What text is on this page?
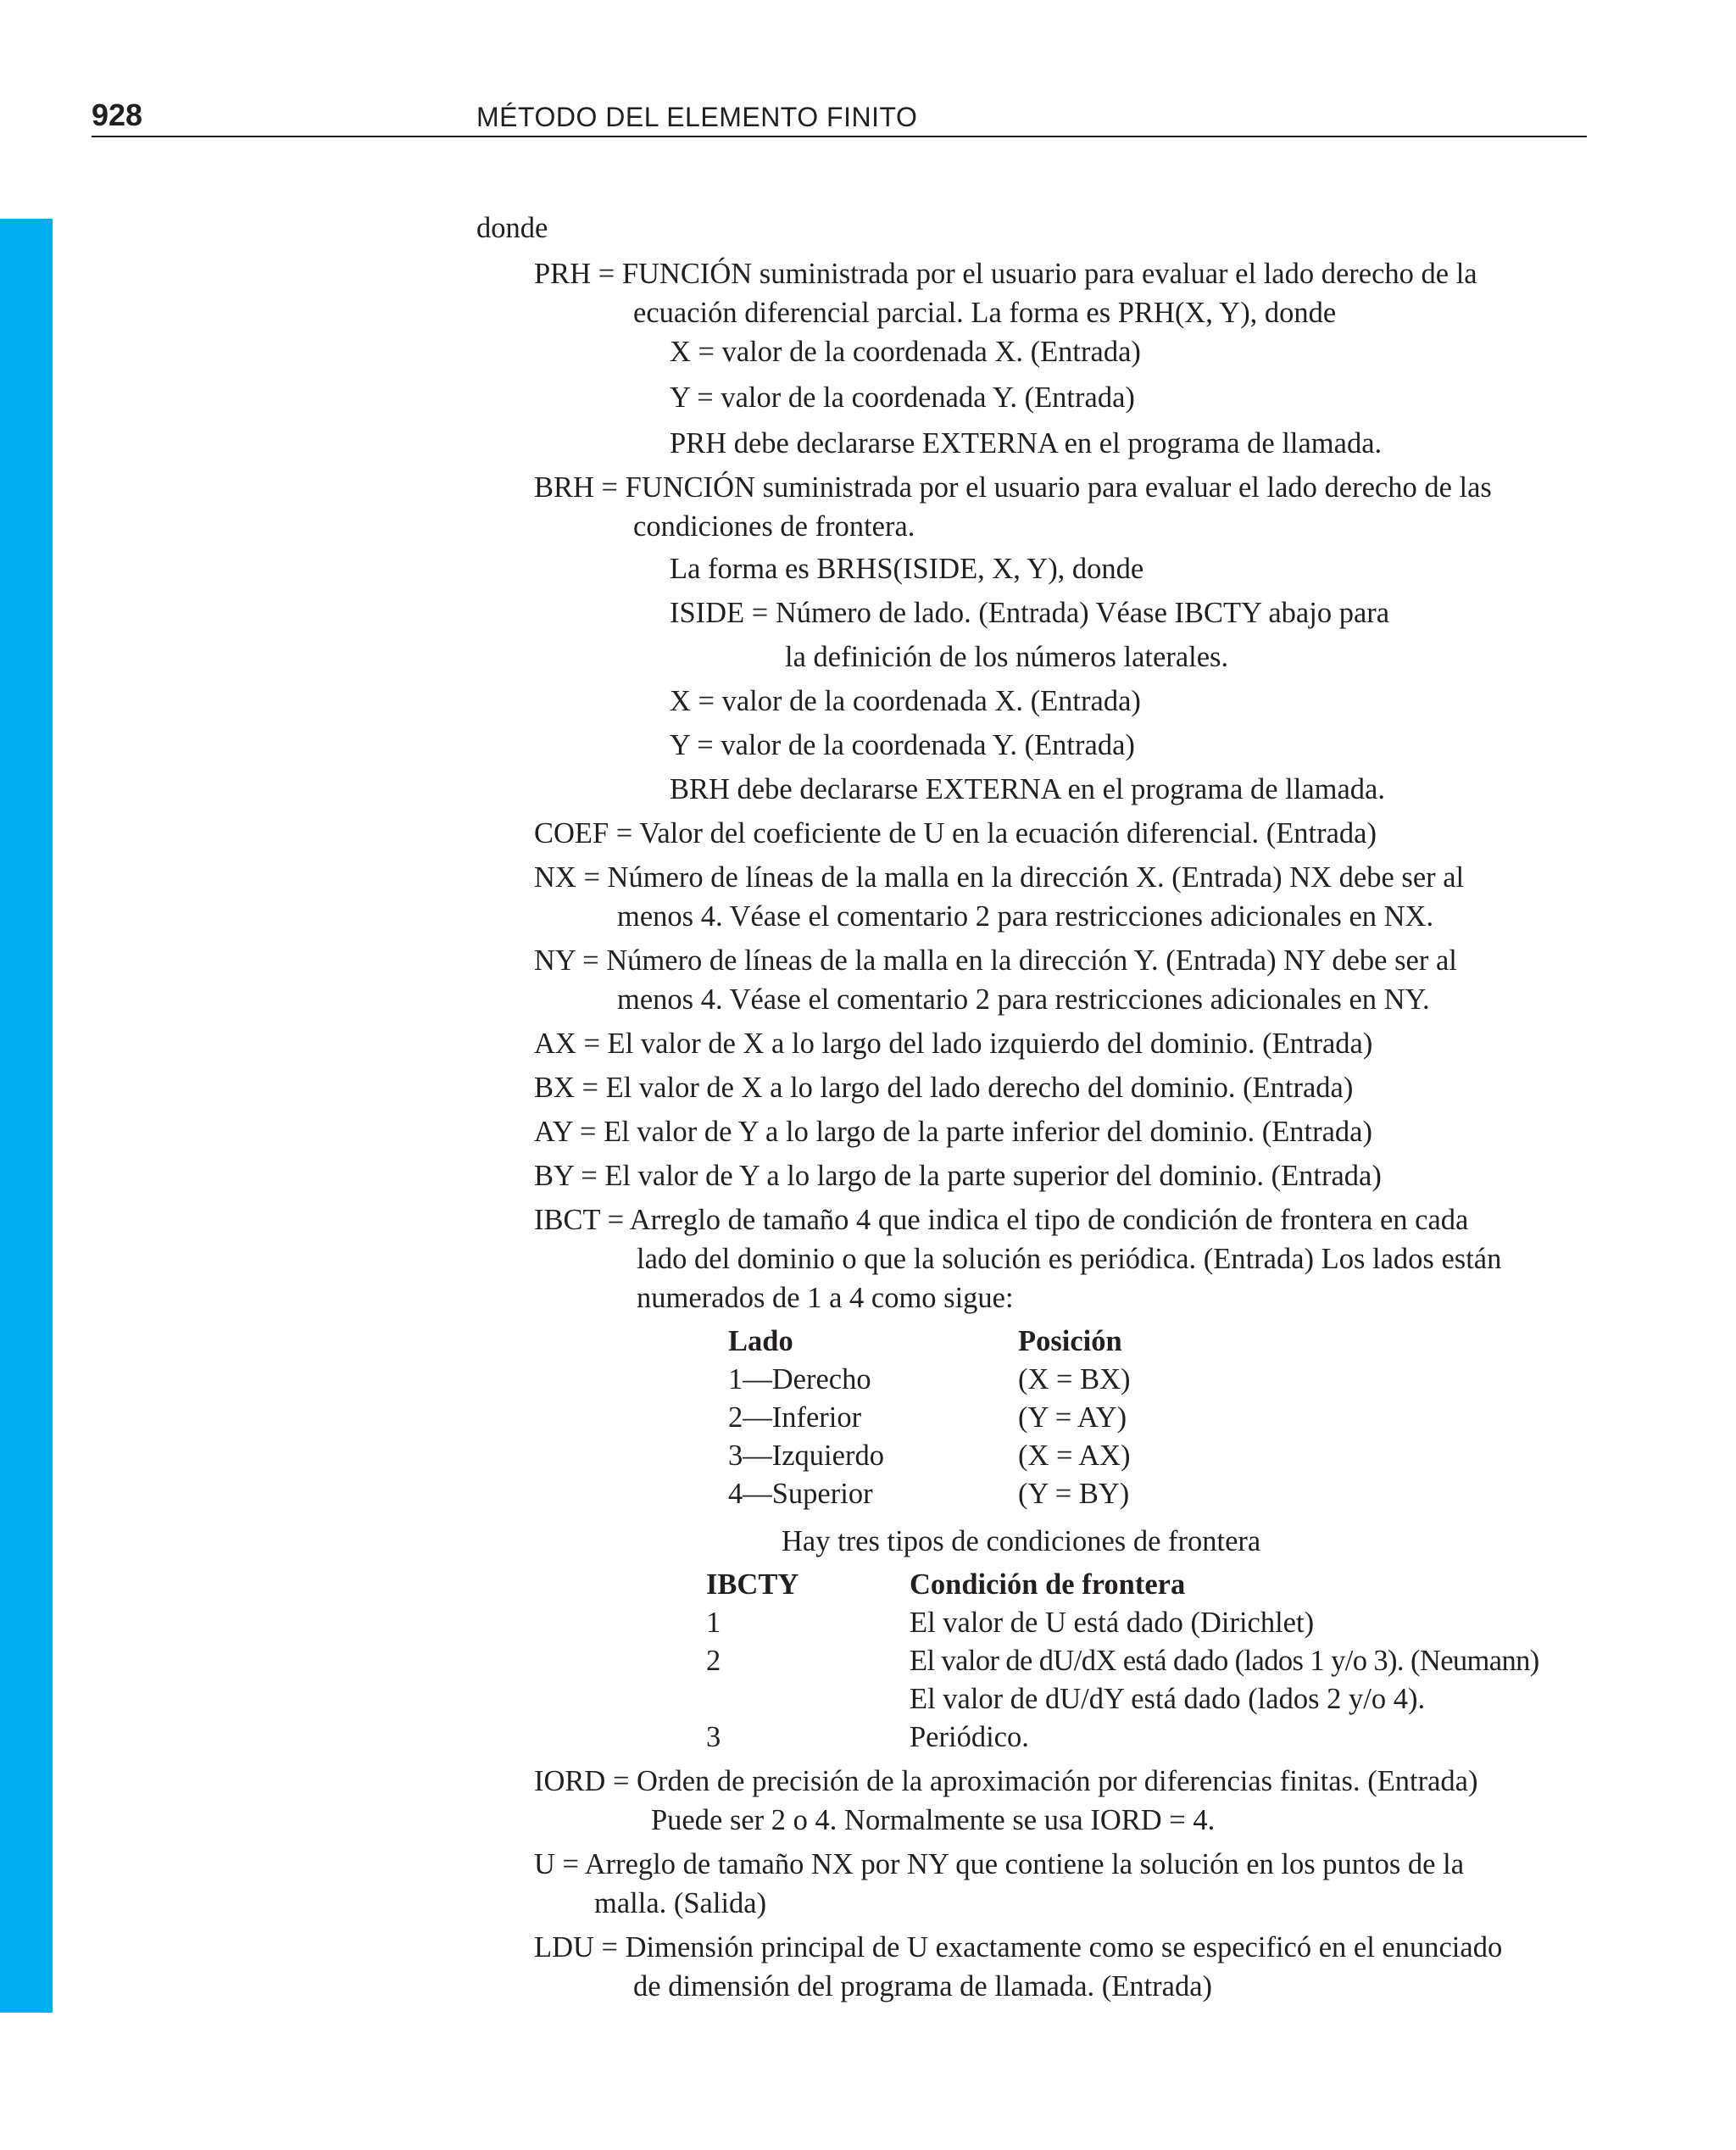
928	MÉTODO DEL ELEMENTO FINITO
donde
PRH = FUNCIÓN suministrada por el usuario para evaluar el lado derecho de la
ecuación diferencial parcial. La forma es PRH(X, Y), donde
X = valor de la coordenada X. (Entrada)
Y = valor de la coordenada Y. (Entrada)
PRH debe declararse EXTERNA en el programa de llamada.
BRH = FUNCIÓN suministrada por el usuario para evaluar el lado derecho de las
condiciones de frontera.
La forma es BRHS(ISIDE, X, Y), donde
ISIDE = Número de lado. (Entrada) Véase IBCTY abajo para
la definición de los números laterales.
X = valor de la coordenada X. (Entrada)
Y = valor de la coordenada Y. (Entrada)
BRH debe declararse EXTERNA en el programa de llamada.
COEF = Valor del coeficiente de U en la ecuación diferencial. (Entrada)
NX = Número de líneas de la malla en la dirección X. (Entrada) NX debe ser al
menos 4. Véase el comentario 2 para restricciones adicionales en NX.
NY = Número de líneas de la malla en la dirección Y. (Entrada) NY debe ser al
menos 4. Véase el comentario 2 para restricciones adicionales en NY.
AX = El valor de X a lo largo del lado izquierdo del dominio. (Entrada)
BX = El valor de X a lo largo del lado derecho del dominio. (Entrada)
AY = El valor de Y a lo largo de la parte inferior del dominio. (Entrada)
BY = El valor de Y a lo largo de la parte superior del dominio. (Entrada)
IBCT = Arreglo de tamaño 4 que indica el tipo de condición de frontera en cada
lado del dominio o que la solución es periódica. (Entrada) Los lados están
numerados de 1 a 4 como sigue:
Lado	Posición
1—Derecho	(X = BX)
2—Inferior	(Y = AY)
3—Izquierdo	(X = AX)
4—Superior	(Y = BY)
Hay tres tipos de condiciones de frontera
IBCTY	Condición de frontera
1	El valor de U está dado (Dirichlet)
2	El valor de dU/dX está dado (lados 1 y/o 3). (Neumann)
El valor de dU/dY está dado (lados 2 y/o 4).
3	Periódico.
IORD = Orden de precisión de la aproximación por diferencias finitas. (Entrada)
Puede ser 2 o 4. Normalmente se usa IORD = 4.
U = Arreglo de tamaño NX por NY que contiene la solución en los puntos de la
malla. (Salida)
LDU = Dimensión principal de U exactamente como se especificó en el enunciado
de dimensión del programa de llamada. (Entrada)
